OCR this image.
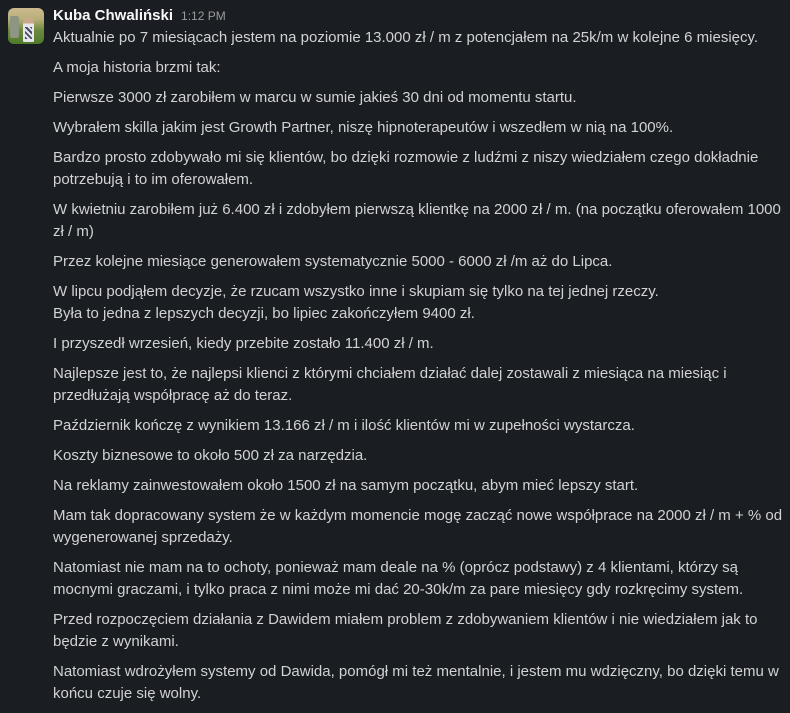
Kuba Chwaliński 1:12 PM

Aktualnie po 7 miesiącach jestem na poziomie 13.000 zł / m z potencjałem na 25k/m w kolejne 6 miesięcy.

A moja historia brzmi tak:

Pierwsze 3000 zł zarobiłem w marcu w sumie jakieś 30 dni od momentu startu.

Wybrałem skilla jakim jest Growth Partner, niszę hipnoterapeutów i wszedłem w nią na 100%.

Bardzo prosto zdobywało mi się klientów, bo dzięki rozmowie z ludźmi z niszy wiedziałem czego dokładnie potrzebują i to im oferowałem.

W kwietniu zarobiłem już 6.400 zł i zdobyłem pierwszą klientkę na 2000 zł / m. (na początku oferowałem 1000 zł / m)

Przez kolejne miesiące generowałem systematycznie 5000 - 6000 zł /m aż do Lipca.

W lipcu podjąłem decyzje, że rzucam wszystko inne i skupiam się tylko na tej jednej rzeczy.
Była to jedna z lepszych decyzji, bo lipiec zakończyłem 9400 zł.

I przyszedł wrzesień, kiedy przebite zostało 11.400 zł / m.

Najlepsze jest to, że najlepsi klienci z którymi chciałem działać dalej zostawali z miesiąca na miesiąc i przedłużają współpracę aż do teraz.

Październik kończę z wynikiem 13.166 zł / m i ilość klientów mi w zupełności wystarcza.

Koszty biznesowe to około 500 zł za narzędzia.

Na reklamy zainwestowałem około 1500 zł na samym początku, abym mieć lepszy start.

Mam tak dopracowany system że w każdym momencie mogę zacząć nowe współprace na 2000 zł / m + % od wygenerowanej sprzedaży.

Natomiast nie mam na to ochoty, ponieważ mam deale na % (oprócz podstawy) z 4 klientami, którzy są mocnymi graczami, i tylko praca z nimi może mi dać 20-30k/m za pare miesięcy gdy rozkręcimy system.

Przed rozpoczęciem działania z Dawidem miałem problem z zdobywaniem klientów i nie wiedziałem jak to będzie z wynikami.

Natomiast wdrożyłem systemy od Dawida, pomógł mi też mentalnie, i jestem mu wdzięczny, bo dzięki temu w końcu czuje się wolny.
